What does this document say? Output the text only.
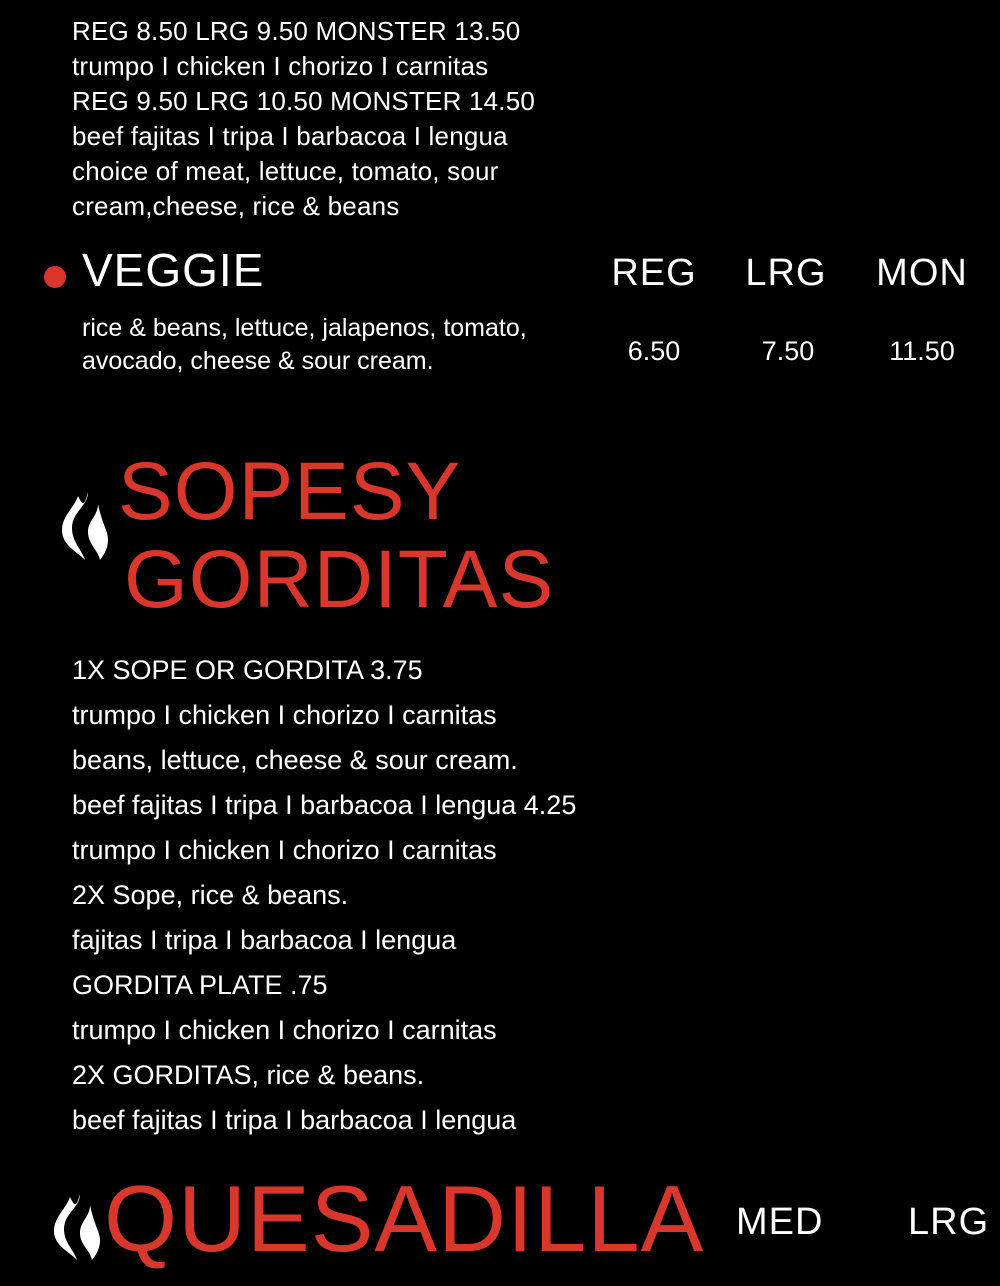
REG 8.50 LRG 9.50 MONSTER 13.50
trumpo I chicken I chorizo I carnitas
REG 9.50 LRG 10.50 MONSTER 14.50
beef fajitas I tripa I barbacoa I lengua
choice of meat, lettuce, tomato, sour
cream,cheese, rice & beans
VEGGIE	REG	LRG	MON
rice & beans, lettuce, jalapenos, tomato, avocado, cheese & sour cream.	6.50	7.50	11.50
SOPESY
GORDITAS
1X SOPE OR GORDITA 3.75
trumpo I chicken I chorizo I carnitas
beans, lettuce, cheese & sour cream.
beef fajitas I tripa I barbacoa I lengua 4.25
trumpo I chicken I chorizo I carnitas
2X Sope, rice & beans.
fajitas I tripa I barbacoa I lengua
GORDITA PLATE .75
trumpo I chicken I chorizo I carnitas
2X GORDITAS, rice & beans.
beef fajitas I tripa I barbacoa I lengua
QUESADILLA MED LRG
